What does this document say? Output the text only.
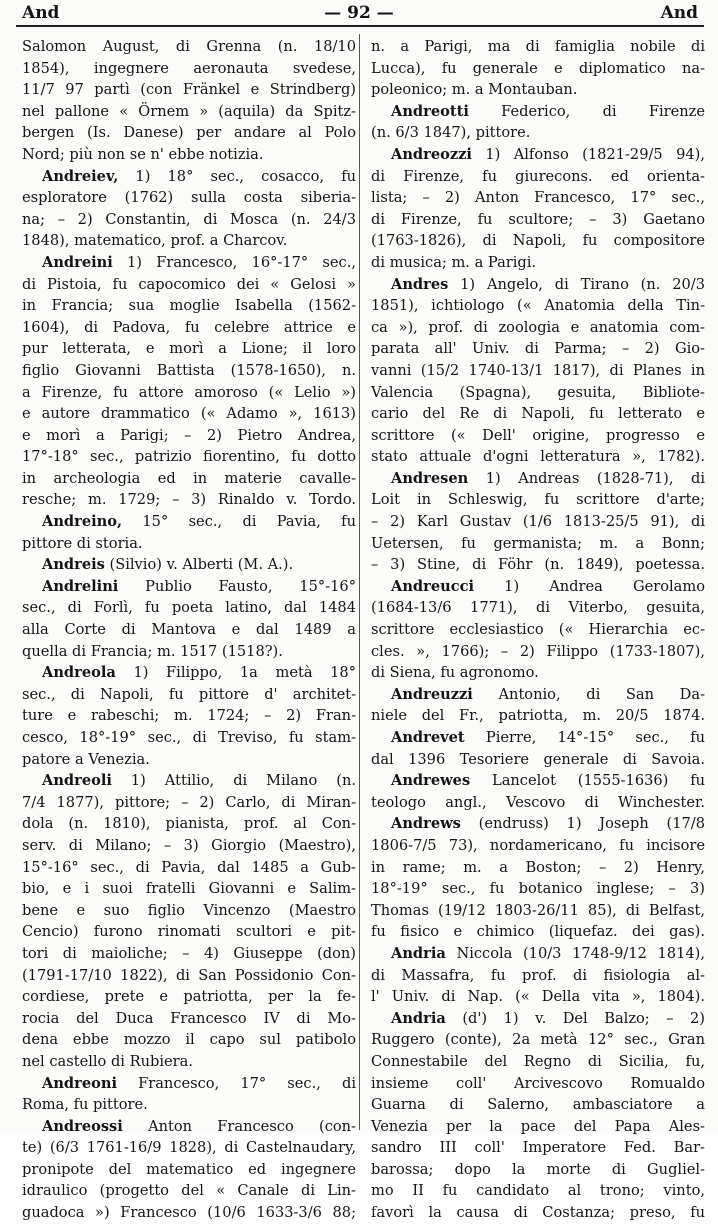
And	— 92 —	And
Salomon August, di Grenna (n. 18/10
1854), ingegnere aeronauta svedese,
11/7 97 partì (con Fränkel e Strindberg)
nel pallone « Örnem » (aquila) da Spitz-
bergen (Is. Danese) per andare al Polo
Nord; più non se n' ebbe notizia.
Andreiev, 1) 18° sec., cosacco, fu
esploratore (1762) sulla costa siberia-
na; – 2) Constantin, di Mosca (n. 24/3
1848), matematico, prof. a Charcov.
Andreini 1) Francesco, 16°-17° sec.,
di Pistoia, fu capocomico dei « Gelosi »
in Francia; sua moglie Isabella (1562-
1604), di Padova, fu celebre attrice e
pur letterata, e morì a Lione; il loro
figlio Giovanni Battista (1578-1650), n.
a Firenze, fu attore amoroso (« Lelio »)
e autore drammatico (« Adamo », 1613)
e morì a Parigi; – 2) Pietro Andrea,
17°-18° sec., patrizio fiorentino, fu dotto
in archeologia ed in materie cavalle-
resche; m. 1729; – 3) Rinaldo v. Tordo.
Andreino, 15° sec., di Pavia, fu
pittore di storia.
Andreis (Silvio) v. Alberti (M. A.).
Andrelini Publio Fausto, 15°-16°
sec., di Forlì, fu poeta latino, dal 1484
alla Corte di Mantova e dal 1489 a
quella di Francia; m. 1517 (1518?).
Andreola 1) Filippo, 1a metà 18°
sec., di Napoli, fu pittore d' architet-
ture e rabeschi; m. 1724; – 2) Fran-
cesco, 18°-19° sec., di Treviso, fu stam-
patore a Venezia.
Andreoli 1) Attilio, di Milano (n.
7/4 1877), pittore; – 2) Carlo, di Miran-
dola (n. 1810), pianista, prof. al Con-
serv. di Milano; – 3) Giorgio (Maestro),
15°-16° sec., di Pavia, dal 1485 a Gub-
bio, e i suoi fratelli Giovanni e Salim-
bene e suo figlio Vincenzo (Maestro
Cencio) furono rinomati scultori e pit-
tori di maioliche; – 4) Giuseppe (don)
(1791-17/10 1822), di San Possidonio Con-
cordiese, prete e patriotta, per la fe-
rocia del Duca Francesco IV di Mo-
dena ebbe mozzo il capo sul patibolo
nel castello di Rubiera.
Andreoni Francesco, 17° sec., di
Roma, fu pittore.
Andreossi Anton Francesco (con-
te) (6/3 1761-16/9 1828), di Castelnaudary,
pronipote del matematico ed ingegnere
idraulico (progetto del « Canale di Lin-
guadoca ») Francesco (10/6 1633-3/6 88;
n. a Parigi, ma di famiglia nobile di
Lucca), fu generale e diplomatico na-
poleonico; m. a Montauban.
Andreotti Federico, di Firenze
(n. 6/3 1847), pittore.
Andreozzi 1) Alfonso (1821-29/5 94),
di Firenze, fu giurecons. ed orienta-
lista; – 2) Anton Francesco, 17° sec.,
di Firenze, fu scultore; – 3) Gaetano
(1763-1826), di Napoli, fu compositore
di musica; m. a Parigi.
Andres 1) Angelo, di Tirano (n. 20/3
1851), ichtiologo (« Anatomia della Tin-
ca »), prof. di zoologia e anatomia com-
parata all' Univ. di Parma; – 2) Gio-
vanni (15/2 1740-13/1 1817), di Planes in
Valencia (Spagna), gesuita, Bibliote-
cario del Re di Napoli, fu letterato e
scrittore (« Dell' origine, progresso e
stato attuale d'ogni letteratura », 1782).
Andresen 1) Andreas (1828-71), di
Loit in Schleswig, fu scrittore d'arte;
– 2) Karl Gustav (1/6 1813-25/5 91), di
Uetersen, fu germanista; m. a Bonn;
– 3) Stine, di Föhr (n. 1849), poetessa.
Andreucci 1) Andrea Gerolamo
(1684-13/6 1771), di Viterbo, gesuita,
scrittore ecclesiastico (« Hierarchia ec-
cles. », 1766); – 2) Filippo (1733-1807),
di Siena, fu agronomo.
Andreuzzi Antonio, di San Da-
niele del Fr., patriotta, m. 20/5 1874.
Andrevet Pierre, 14°-15° sec., fu
dal 1396 Tesoriere generale di Savoia.
Andrewes Lancelot (1555-1636) fu
teologo angl., Vescovo di Winchester.
Andrews (endruss) 1) Joseph (17/8
1806-7/5 73), nordamericano, fu incisore
in rame; m. a Boston; – 2) Henry,
18°-19° sec., fu botanico inglese; – 3)
Thomas (19/12 1803-26/11 85), di Belfast,
fu fisico e chimico (liquefaz. dei gas).
Andria Niccola (10/3 1748-9/12 1814),
di Massafra, fu prof. di fisiologia al-
l' Univ. di Nap. (« Della vita », 1804).
Andria (d') 1) v. Del Balzo; – 2)
Ruggero (conte), 2a metà 12° sec., Gran
Connestabile del Regno di Sicilia, fu,
insieme coll' Arcivescovo Romualdo
Guarna di Salerno, ambasciatore a
Venezia per la pace del Papa Ales-
sandro III coll' Imperatore Fed. Bar-
barossa; dopo la morte di Gugliel-
mo II fu candidato al trono; vinto,
favorì la causa di Costanza; preso, fu
